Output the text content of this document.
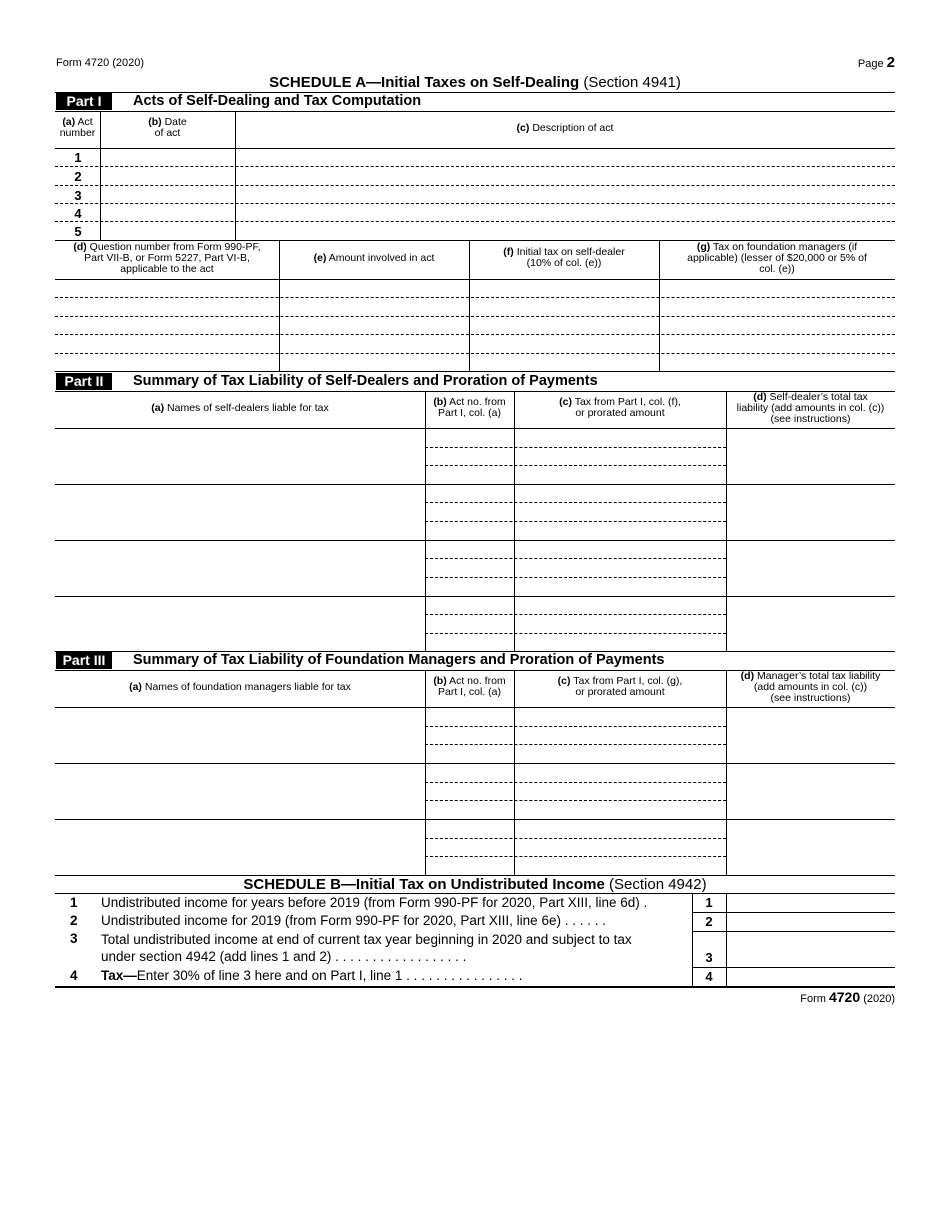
Form 4720 (2020)	Page 2
SCHEDULE A—Initial Taxes on Self-Dealing (Section 4941)
Part I	Acts of Self-Dealing and Tax Computation
(a) Act
number
(b) Date
of act	(c) Description of act
1
2
3
4
5
(d) Question number from Form 990-PF,
Part VII-B, or Form 5227, Part VI-B,
applicable to the act
(e) Amount involved in act	(f) Initial tax on self-dealer
(10% of col. (e))
(g) Tax on foundation managers (if
applicable) (lesser of $20,000 or 5% of
col. (e))
Part II	Summary of Tax Liability of Self-Dealers and Proration of Payments
(a) Names of self-dealers liable for tax	(b) Act no. from
Part I, col. (a)
(c) Tax from Part I, col. (f),
or prorated amount
(d) Self-dealer’s total tax
liability (add amounts in col. (c))
(see instructions)
Part III	Summary of Tax Liability of Foundation Managers and Proration of Payments
(a) Names of foundation managers liable for tax	(b) Act no. from
Part I, col. (a)
(c) Tax from Part I, col. (g),
or prorated amount
(d) Manager’s total tax liability
(add amounts in col. (c))
(see instructions)
SCHEDULE B—Initial Tax on Undistributed Income (Section 4942)
1 Undistributed income for years before 2019 (from Form 990-PF for 2020, Part XIII, line 6d) .	1
2 Undistributed income for 2019 (from Form 990-PF for 2020, Part XIII, line 6e) . . . . . .	2
3 Total undistributed income at end of current tax year beginning in 2020 and subject to tax
under section 4942 (add lines 1 and 2) . . . . . . . . . . . . . . . . . .	3
4 Tax—Enter 30% of line 3 here and on Part I, line 1 . . . . . . . . . . . . . . . .	4
Form 4720 (2020)
